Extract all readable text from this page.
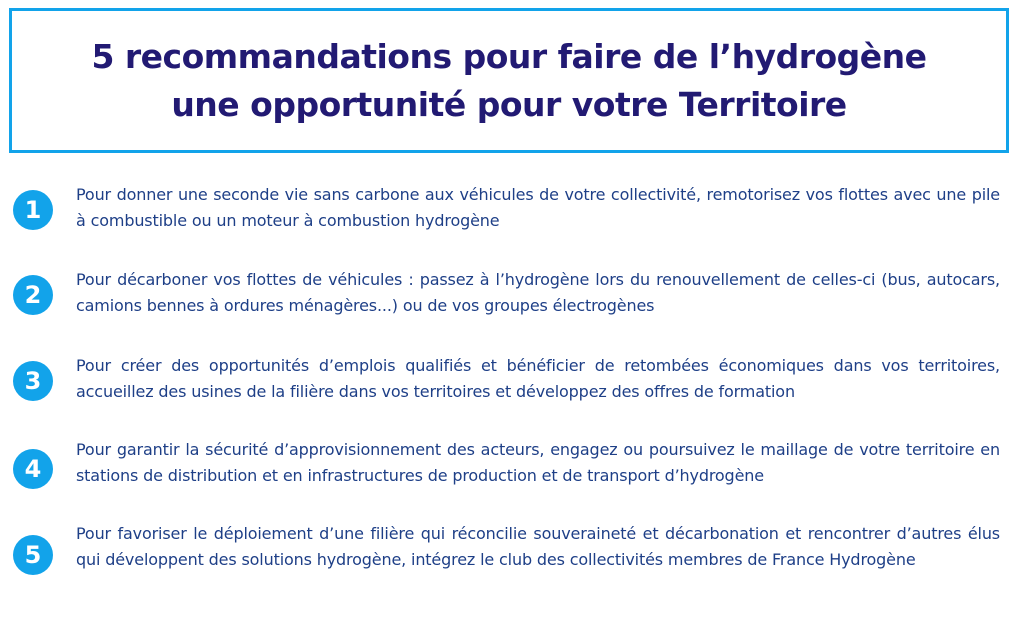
5 recommandations pour faire de l’hydrogène
une opportunité pour votre Territoire
1
Pour donner une seconde vie sans carbone aux véhicules de votre collectivité, remotorisez vos flottes avec une pile à combustible ou un moteur à combustion hydrogène
2
Pour décarboner vos flottes de véhicules : passez à l’hydrogène lors du renouvellement de celles-ci (bus, autocars, camions bennes à ordures ménagères...) ou de vos groupes électrogènes
3
Pour créer des opportunités d’emplois qualifiés et bénéficier de retombées économiques dans vos territoires, accueillez des usines de la filière dans vos territoires et développez des offres de formation
4
Pour garantir la sécurité d’approvisionnement des acteurs, engagez ou poursuivez le maillage de votre territoire en stations de distribution et en infrastructures de production et de transport d’hydrogène
5
Pour favoriser le déploiement d’une filière qui réconcilie souveraineté et décarbonation et rencontrer d’autres élus qui développent des solutions hydrogène, intégrez le club des collectivités membres de France Hydrogène
